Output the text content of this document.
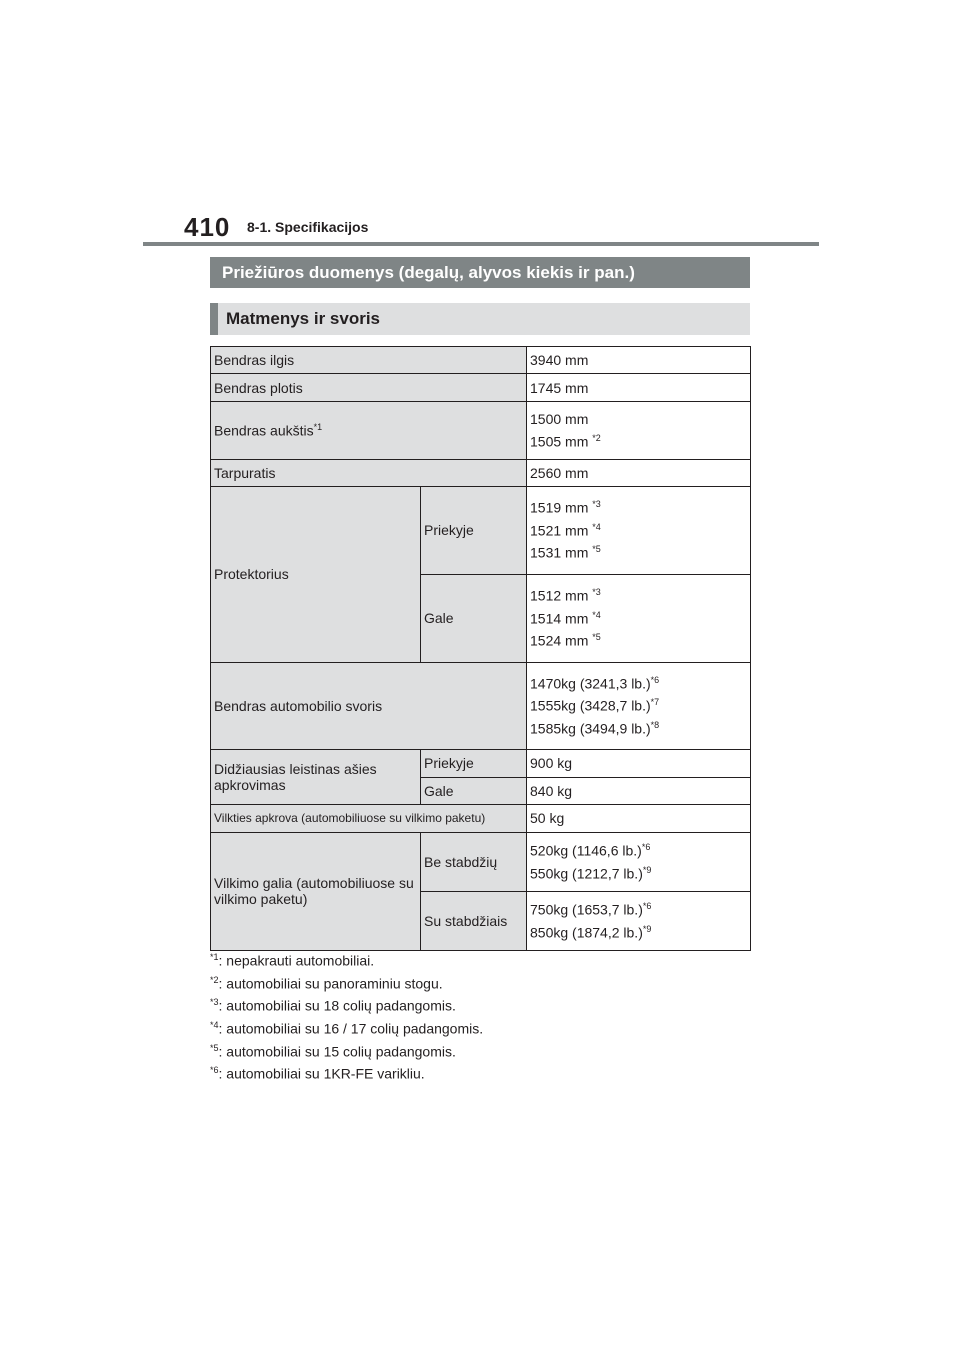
410 8-1. Specifikacijos
Priežiūros duomenys (degalų, alyvos kiekis ir pan.)
Matmenys ir svoris
Bendras ilgis		3940 mm
Bendras plotis		1745 mm
Bendras aukštis$^{*1}$		1500 mm
1505 mm $^{*2}$

Tarpuratis		2560 mm
Protektorius	Priekyje	1519 mm $^{*3}$
1521 mm $^{*4}$
1531 mm $^{*5}$

	Gale	1512 mm $^{*3}$
1514 mm $^{*4}$
1524 mm $^{*5}$

Bendras automobilio svoris		1470kg (3241,3 lb.)$^{*6}$
1555kg (3428,7 lb.)$^{*7}$
1585kg (3494,9 lb.)$^{*8}$

Didžiausias leistinas ašies apkrovimas	Priekyje	900 kg
	Gale	840 kg
Vilkties apkrova (automobiliuose su vilkimo paketu)		50 kg
Vilkimo galia (automobiliuose su vilkimo paketu)	Be stabdžių	520kg (1146,6 lb.)$^{*6}$
550kg (1212,7 lb.)$^{*9}$

	Su stabdžiais	750kg (1653,7 lb.)$^{*6}$
850kg (1874,2 lb.)$^{*9}$
$^{*1}$: nepakrauti automobiliai.
$^{*2}$: automobiliai su panoraminiu stogu.
$^{*3}$: automobiliai su 18 colių padangomis.
$^{*4}$: automobiliai su 16 / 17 colių padangomis.
$^{*5}$: automobiliai su 15 colių padangomis.
$^{*6}$: automobiliai su 1KR-FE varikliu.
